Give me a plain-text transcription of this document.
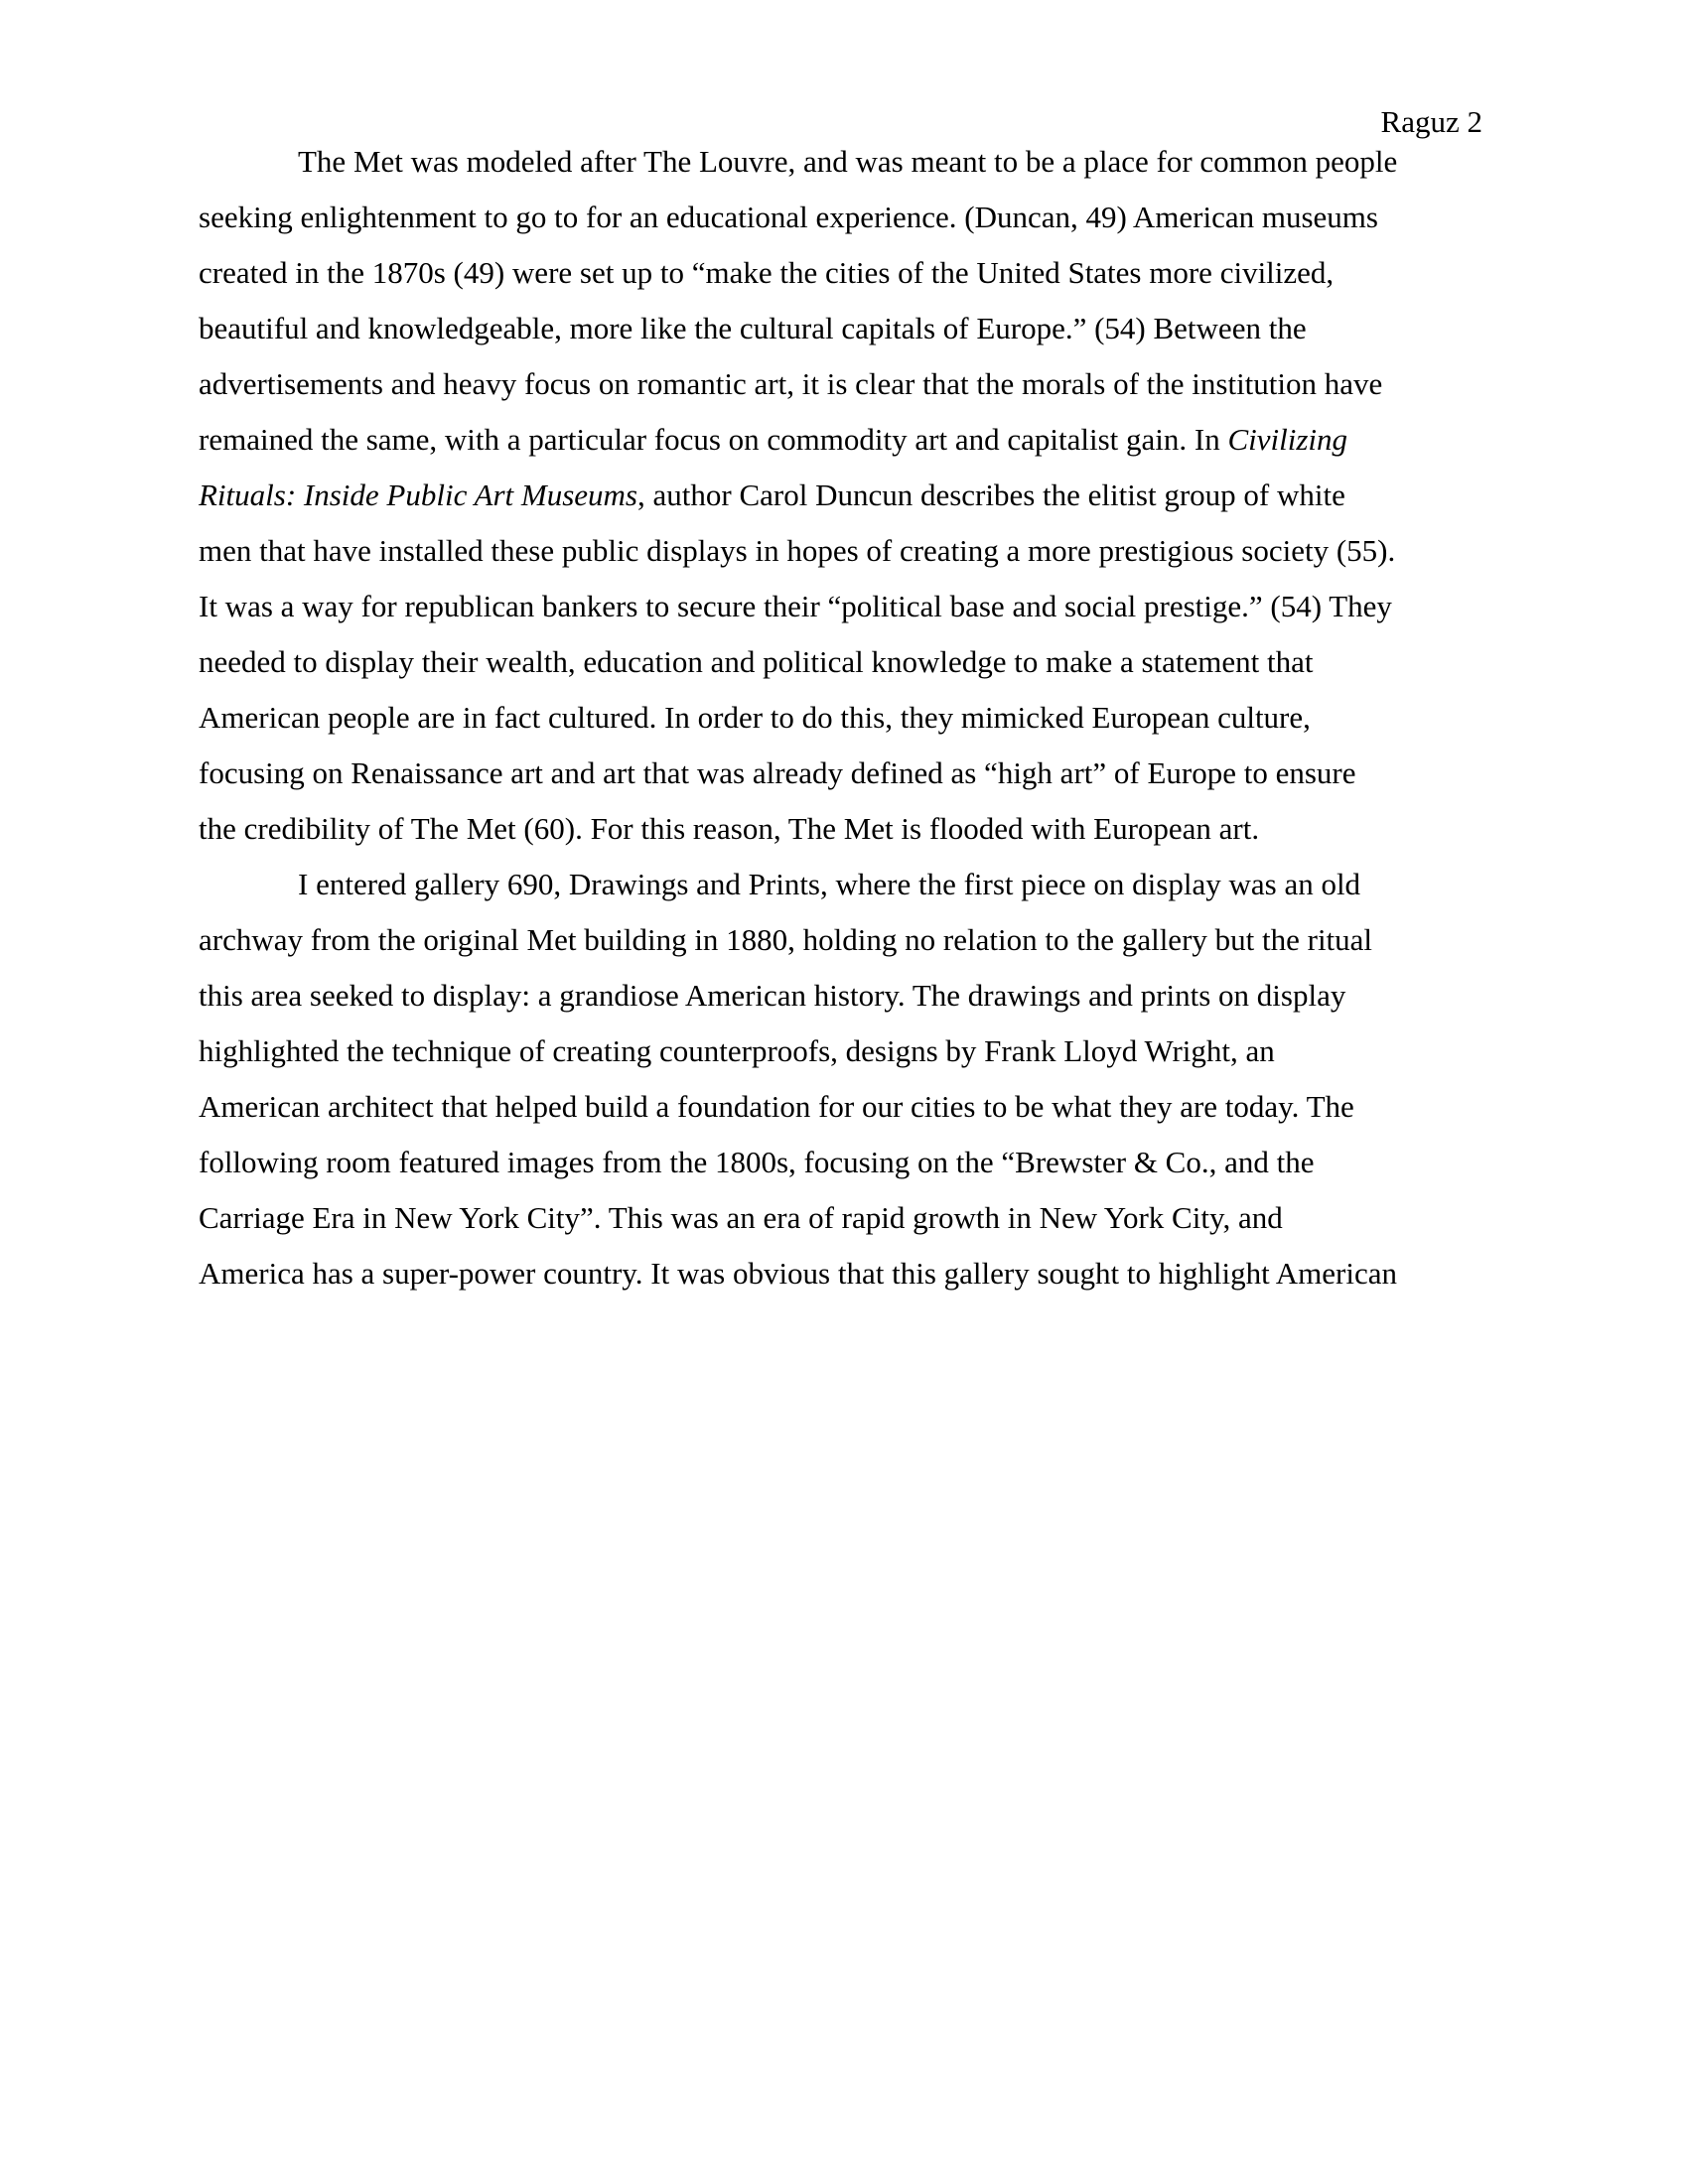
Raguz 2
The Met was modeled after The Louvre, and was meant to be a place for common people
seeking enlightenment to go to for an educational experience. (Duncan, 49) American museums
created in the 1870s (49) were set up to “make the cities of the United States more civilized,
beautiful and knowledgeable, more like the cultural capitals of Europe.” (54) Between the
advertisements and heavy focus on romantic art, it is clear that the morals of the institution have
remained the same, with a particular focus on commodity art and capitalist gain. In Civilizing
Rituals: Inside Public Art Museums, author Carol Duncun describes the elitist group of white
men that have installed these public displays in hopes of creating a more prestigious society (55).
It was a way for republican bankers to secure their “political base and social prestige.” (54) They
needed to display their wealth, education and political knowledge to make a statement that
American people are in fact cultured. In order to do this, they mimicked European culture,
focusing on Renaissance art and art that was already defined as “high art” of Europe to ensure
the credibility of The Met (60). For this reason, The Met is flooded with European art.
I entered gallery 690, Drawings and Prints, where the first piece on display was an old
archway from the original Met building in 1880, holding no relation to the gallery but the ritual
this area seeked to display: a grandiose American history. The drawings and prints on display
highlighted the technique of creating counterproofs, designs by Frank Lloyd Wright, an
American architect that helped build a foundation for our cities to be what they are today. The
following room featured images from the 1800s, focusing on the “Brewster & Co., and the
Carriage Era in New York City”. This was an era of rapid growth in New York City, and
America has a super-power country. It was obvious that this gallery sought to highlight American
